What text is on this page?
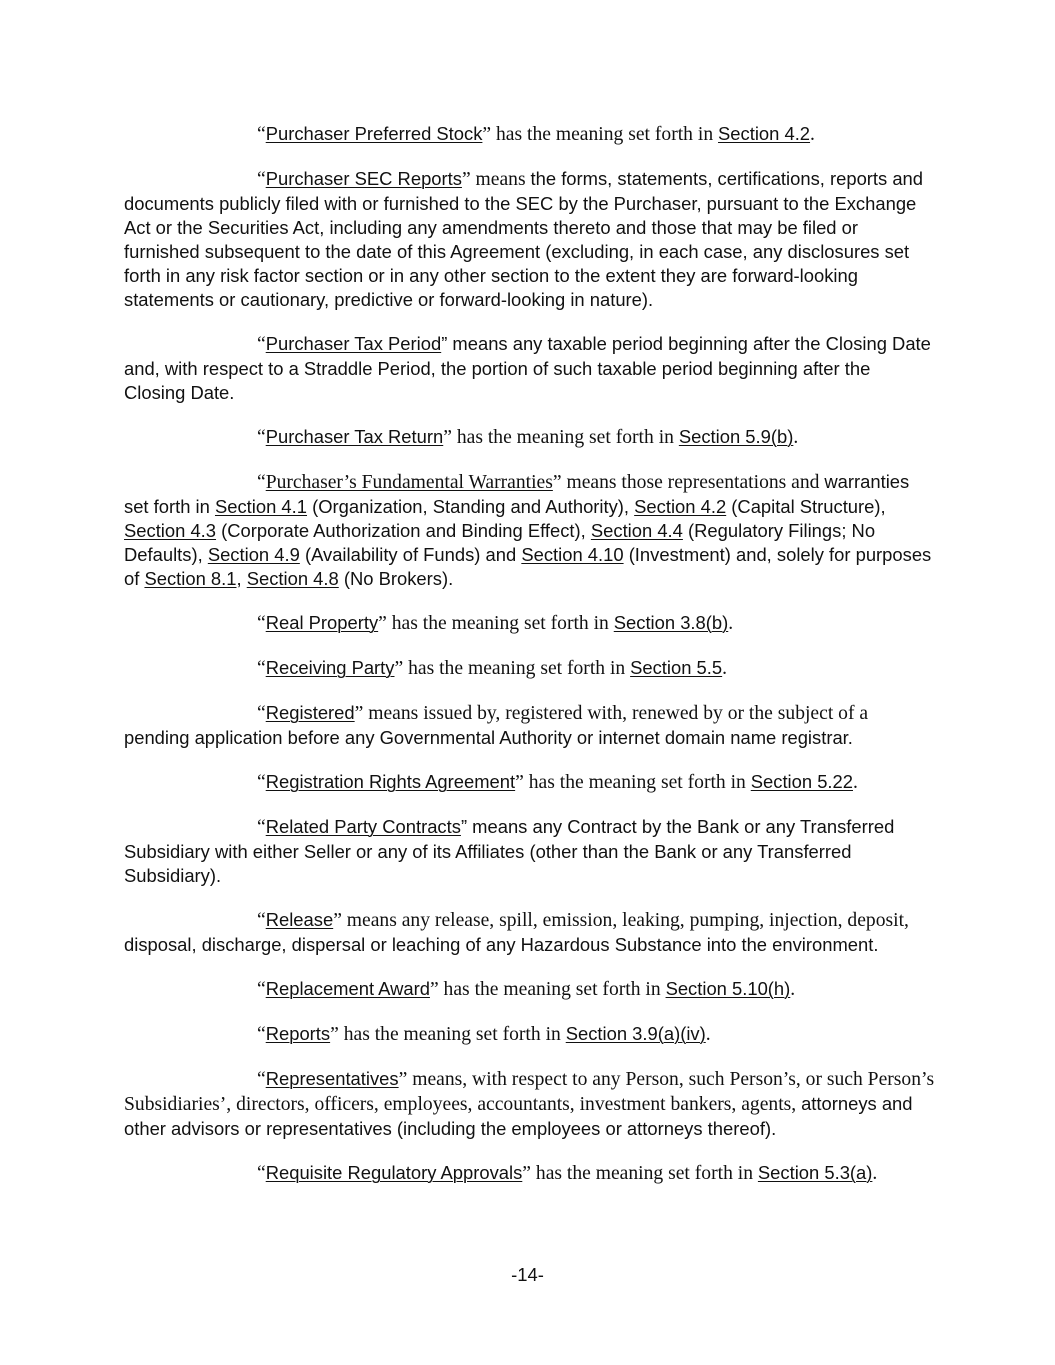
“Purchaser Preferred Stock” has the meaning set forth in Section 4.2.

“Purchaser SEC Reports” means the forms, statements, certifications, reports and documents publicly filed with or furnished to the SEC by the Purchaser, pursuant to the Exchange Act or the Securities Act, including any amendments thereto and those that may be filed or furnished subsequent to the date of this Agreement (excluding, in each case, any disclosures set forth in any risk factor section or in any other section to the extent they are forward-looking statements or cautionary, predictive or forward-looking in nature).

“Purchaser Tax Period” means any taxable period beginning after the Closing Date and, with respect to a Straddle Period, the portion of such taxable period beginning after the Closing Date.

“Purchaser Tax Return” has the meaning set forth in Section 5.9(b).

“Purchaser’s Fundamental Warranties” means those representations and warranties set forth in Section 4.1 (Organization, Standing and Authority), Section 4.2 (Capital Structure), Section 4.3 (Corporate Authorization and Binding Effect), Section 4.4 (Regulatory Filings; No Defaults), Section 4.9 (Availability of Funds) and Section 4.10 (Investment) and, solely for purposes of Section 8.1, Section 4.8 (No Brokers).

“Real Property” has the meaning set forth in Section 3.8(b).

“Receiving Party” has the meaning set forth in Section 5.5.

“Registered” means issued by, registered with, renewed by or the subject of a pending application before any Governmental Authority or internet domain name registrar.

“Registration Rights Agreement” has the meaning set forth in Section 5.22.

“Related Party Contracts” means any Contract by the Bank or any Transferred Subsidiary with either Seller or any of its Affiliates (other than the Bank or any Transferred Subsidiary).

“Release” means any release, spill, emission, leaking, pumping, injection, deposit, disposal, discharge, dispersal or leaching of any Hazardous Substance into the environment.

“Replacement Award” has the meaning set forth in Section 5.10(h).

“Reports” has the meaning set forth in Section 3.9(a)(iv).

“Representatives” means, with respect to any Person, such Person’s, or such Person’s Subsidiaries’, directors, officers, employees, accountants, investment bankers, agents, attorneys and other advisors or representatives (including the employees or attorneys thereof).

“Requisite Regulatory Approvals” has the meaning set forth in Section 5.3(a).

-14-
